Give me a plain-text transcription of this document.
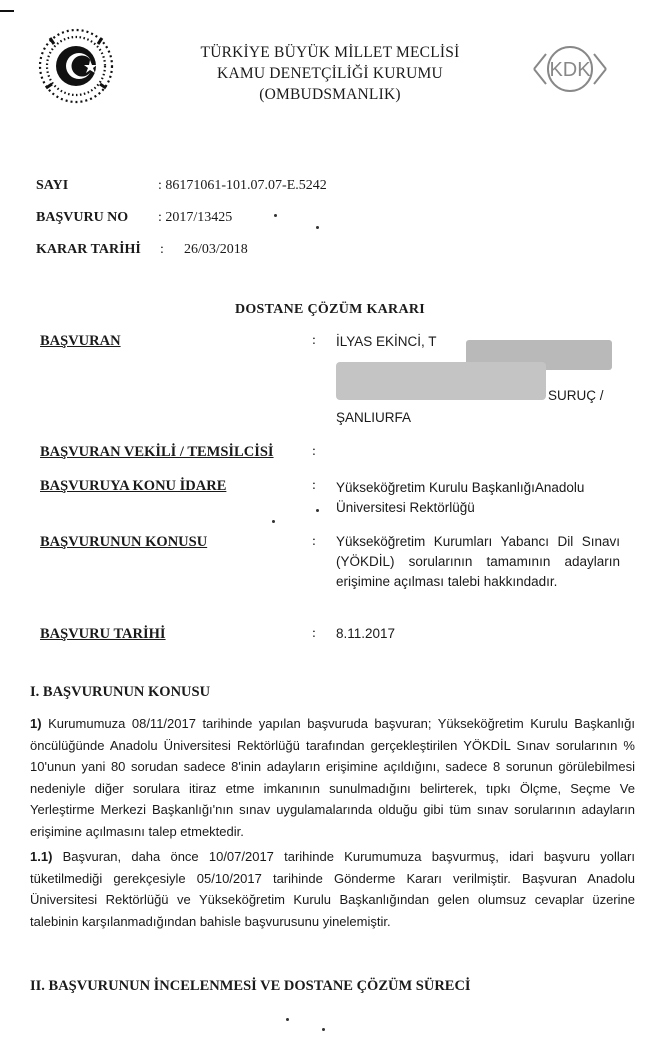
TÜRKİYE BÜYÜK MİLLET MECLİSİ
KAMU DENETÇİLİĞİ KURUMU
(OMBUDSMANLIK)
KDK
SAYI	: 86171061-101.07.07-E.5242
BAŞVURU NO : 2017/13425
KARAR TARİHİ : 26/03/2018
DOSTANE ÇÖZÜM KARARI
BAŞVURAN	: İLYAS EKİNCİ, T
SURUÇ /
ŞANLIURFA
BAŞVURAN VEKİLİ / TEMSİLCİSİ	:
BAŞVURUYA KONU İDARE	: Yükseköğretim Kurulu BaşkanlığıAnadolu Üniversitesi Rektörlüğü
BAŞVURUNUN KONUSU	: Yükseköğretim Kurumları Yabancı Dil Sınavı (YÖKDİL) sorularının tamamının adayların erişimine açılması talebi hakkındadır.
BAŞVURU TARİHİ	: 8.11.2017
I. BAŞVURUNUN KONUSU
1) Kurumumuza 08/11/2017 tarihinde yapılan başvuruda başvuran; Yükseköğretim Kurulu Başkanlığı öncülüğünde Anadolu Üniversitesi Rektörlüğü tarafından gerçekleştirilen YÖKDİL Sınav sorularının % 10'unun yani 80 sorudan sadece 8'inin adayların erişimine açıldığını, sadece 8 sorunun görülebilmesi nedeniyle diğer sorulara itiraz etme imkanının sunulmadığını belirterek, tıpkı Ölçme, Seçme Ve Yerleştirme Merkezi Başkanlığı'nın sınav uygulamalarında olduğu gibi tüm sınav sorularının adayların erişimine açılmasını talep etmektedir.
1.1) Başvuran, daha önce 10/07/2017 tarihinde Kurumumuza başvurmuş, idari başvuru yolları tüketilmediği gerekçesiyle 05/10/2017 tarihinde Gönderme Kararı verilmiştir. Başvuran Anadolu Üniversitesi Rektörlüğü ve Yükseköğretim Kurulu Başkanlığından gelen olumsuz cevaplar üzerine talebinin karşılanmadığından bahisle başvurusunu yinelemiştir.
II. BAŞVURUNUN İNCELENMESİ VE DOSTANE ÇÖZÜM SÜRECİ
